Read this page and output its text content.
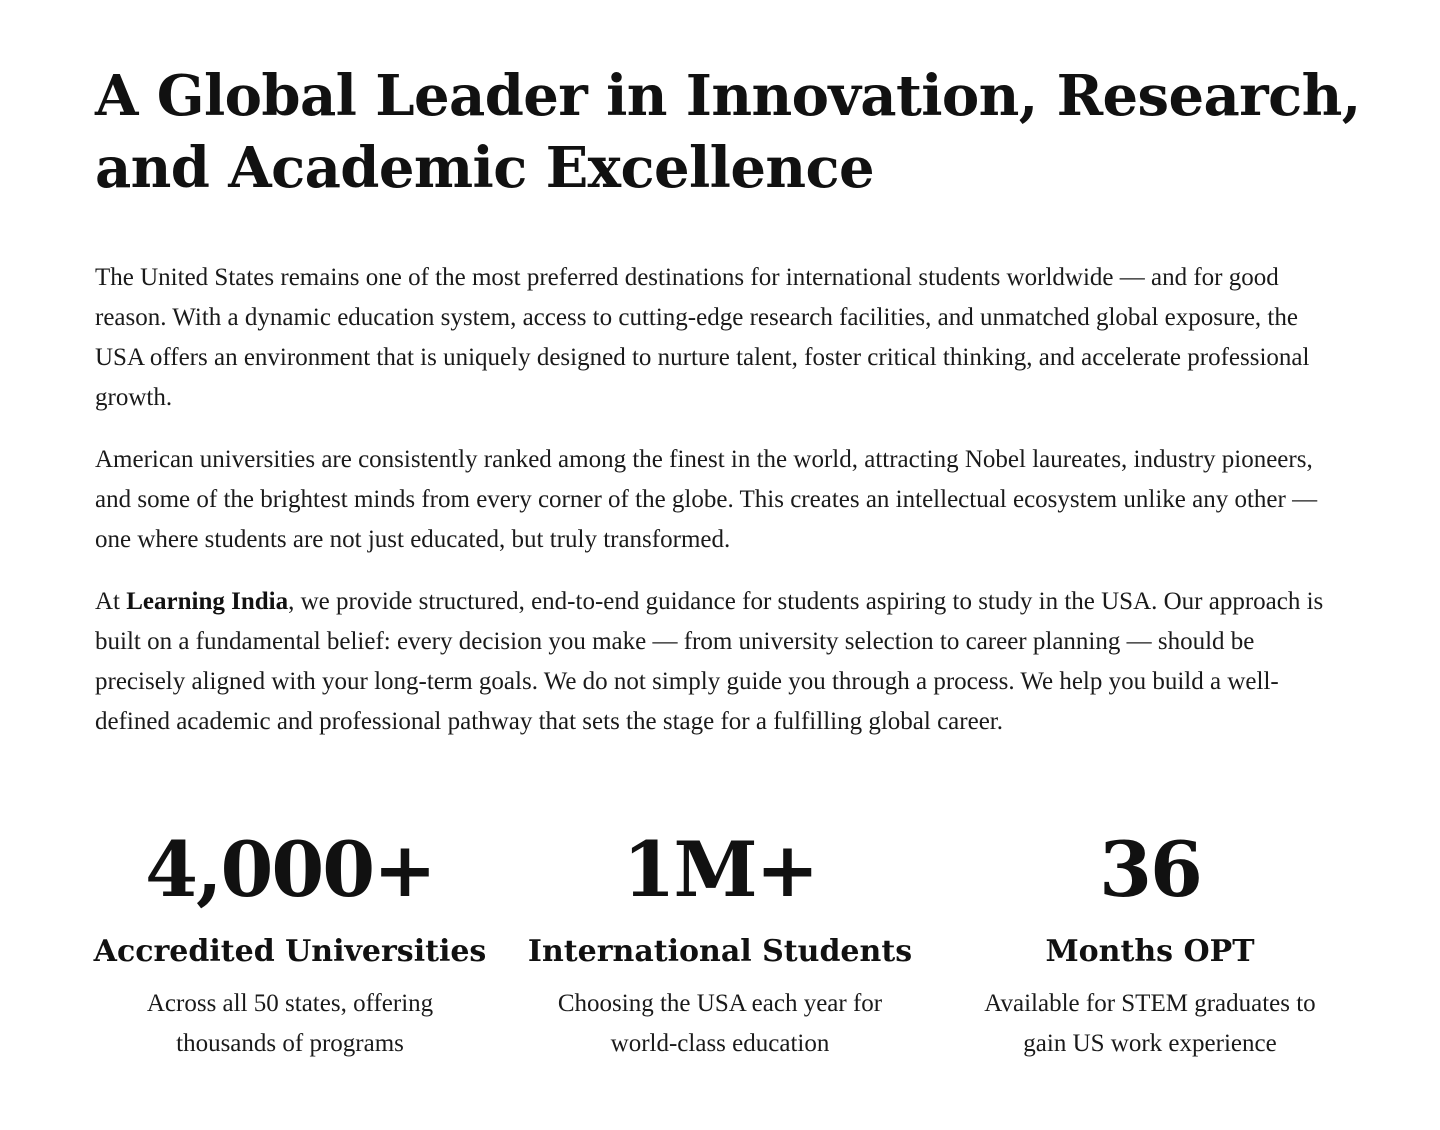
A Global Leader in Innovation, Research,
and Academic Excellence

The United States remains one of the most preferred destinations for international students worldwide — and for good reason. With a dynamic education system, access to cutting-edge research facilities, and unmatched global exposure, the USA offers an environment that is uniquely designed to nurture talent, foster critical thinking, and accelerate professional growth.

American universities are consistently ranked among the finest in the world, attracting Nobel laureates, industry pioneers, and some of the brightest minds from every corner of the globe. This creates an intellectual ecosystem unlike any other — one where students are not just educated, but truly transformed.

At Learning India, we provide structured, end-to-end guidance for students aspiring to study in the USA. Our approach is built on a fundamental belief: every decision you make — from university selection to career planning — should be precisely aligned with your long-term goals. We do not simply guide you through a process. We help you build a well-defined academic and professional pathway that sets the stage for a fulfilling global career.

4,000+
Accredited Universities
Across all 50 states, offering thousands of programs
1M+
International Students
Choosing the USA each year for world-class education
36
Months OPT
Available for STEM graduates to gain US work experience
